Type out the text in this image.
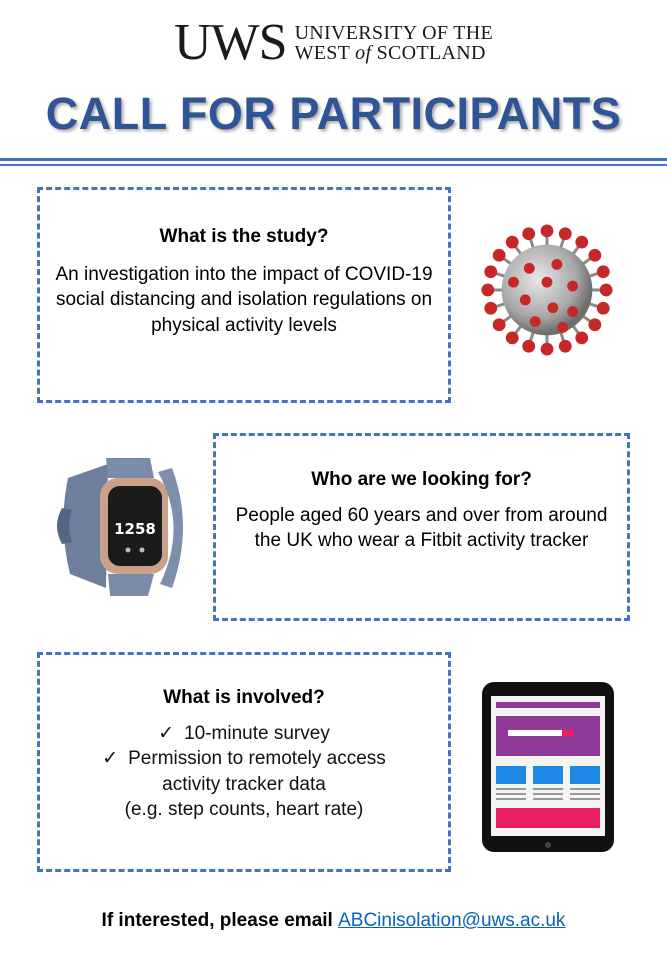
UWS UNIVERSITY OF THE
WEST of SCOTLAND
CALL FOR PARTICIPANTS
What is the study?
An investigation into the impact of COVID-19 social distancing and isolation regulations on physical activity levels
Who are we looking for?
People aged 60 years and over from around the UK who wear a Fitbit activity tracker
1258
What is involved?
✓ 10-minute survey
✓ Permission to remotely access
activity tracker data
(e.g. step counts, heart rate)
If interested, please email ABCinisolation@uws.ac.uk
